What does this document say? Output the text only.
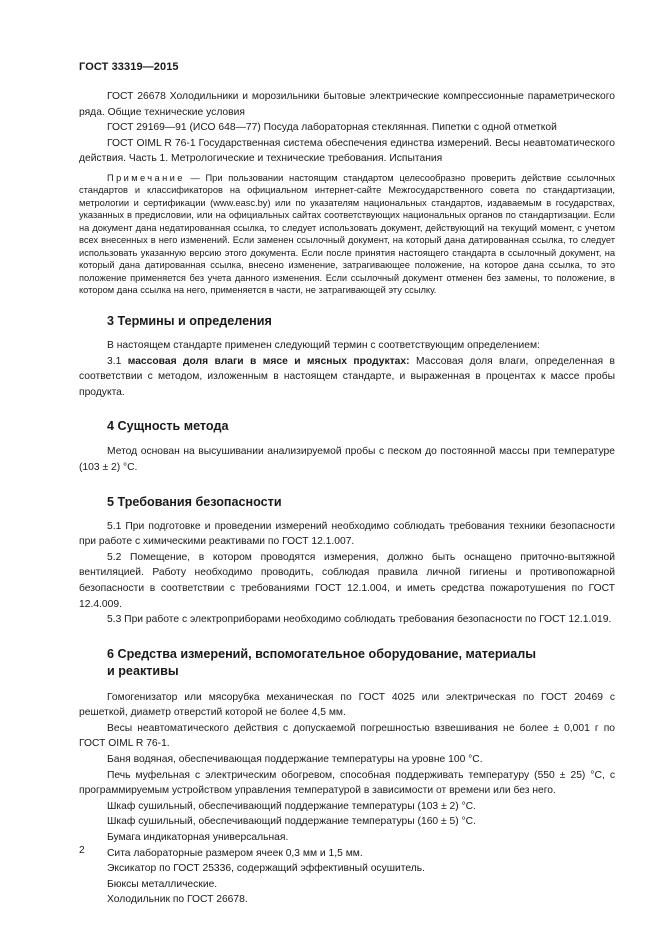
ГОСТ 33319—2015

ГОСТ 26678 Холодильники и морозильники бытовые электрические компрессионные параметрического ряда. Общие технические условия

ГОСТ 29169—91 (ИСО 648—77) Посуда лабораторная стеклянная. Пипетки с одной отметкой

ГОСТ OIML R 76-1 Государственная система обеспечения единства измерений. Весы неавтоматического действия. Часть 1. Метрологические и технические требования. Испытания

Примечание — При пользовании настоящим стандартом целесообразно проверить действие ссылочных стандартов и классификаторов на официальном интернет-сайте Межгосударственного совета по стандартизации, метрологии и сертификации (www.easc.by) или по указателям национальных стандартов, издаваемым в государствах, указанных в предисловии, или на официальных сайтах соответствующих национальных органов по стандартизации. Если на документ дана недатированная ссылка, то следует использовать документ, действующий на текущий момент, с учетом всех внесенных в него изменений. Если заменен ссылочный документ, на который дана датированная ссылка, то следует использовать указанную версию этого документа. Если после принятия настоящего стандарта в ссылочный документ, на который дана датированная ссылка, внесено изменение, затрагивающее положение, на которое дана ссылка, то это положение применяется без учета данного изменения. Если ссылочный документ отменен без замены, то положение, в котором дана ссылка на него, применяется в части, не затрагивающей эту ссылку.

3 Термины и определения

В настоящем стандарте применен следующий термин с соответствующим определением:

3.1 массовая доля влаги в мясе и мясных продуктах: Массовая доля влаги, определенная в соответствии с методом, изложенным в настоящем стандарте, и выраженная в процентах к массе пробы продукта.

4 Сущность метода

Метод основан на высушивании анализируемой пробы с песком до постоянной массы при температуре (103 ± 2) °С.

5 Требования безопасности

5.1 При подготовке и проведении измерений необходимо соблюдать требования техники безопасности при работе с химическими реактивами по ГОСТ 12.1.007.

5.2 Помещение, в котором проводятся измерения, должно быть оснащено приточно-вытяжной вентиляцией. Работу необходимо проводить, соблюдая правила личной гигиены и противопожарной безопасности в соответствии с требованиями ГОСТ 12.1.004, и иметь средства пожаротушения по ГОСТ 12.4.009.

5.3 При работе с электроприборами необходимо соблюдать требования безопасности по ГОСТ 12.1.019.

6 Средства измерений, вспомогательное оборудование, материалы
и реактивы

Гомогенизатор или мясорубка механическая по ГОСТ 4025 или электрическая по ГОСТ 20469 с решеткой, диаметр отверстий которой не более 4,5 мм.

Весы неавтоматического действия с допускаемой погрешностью взвешивания не более ± 0,001 г по ГОСТ OIML R 76-1.

Баня водяная, обеспечивающая поддержание температуры на уровне 100 °С.

Печь муфельная с электрическим обогревом, способная поддерживать температуру (550 ± 25) °С, с программируемым устройством управления температурой в зависимости от времени или без него.

Шкаф сушильный, обеспечивающий поддержание температуры (103 ± 2) °С.

Шкаф сушильный, обеспечивающий поддержание температуры (160 ± 5) °С.

Бумага индикаторная универсальная.

Сита лабораторные размером ячеек 0,3 мм и 1,5 мм.

Эксикатор по ГОСТ 25336, содержащий эффективный осушитель.

Бюксы металлические.

Холодильник по ГОСТ 26678.

2
